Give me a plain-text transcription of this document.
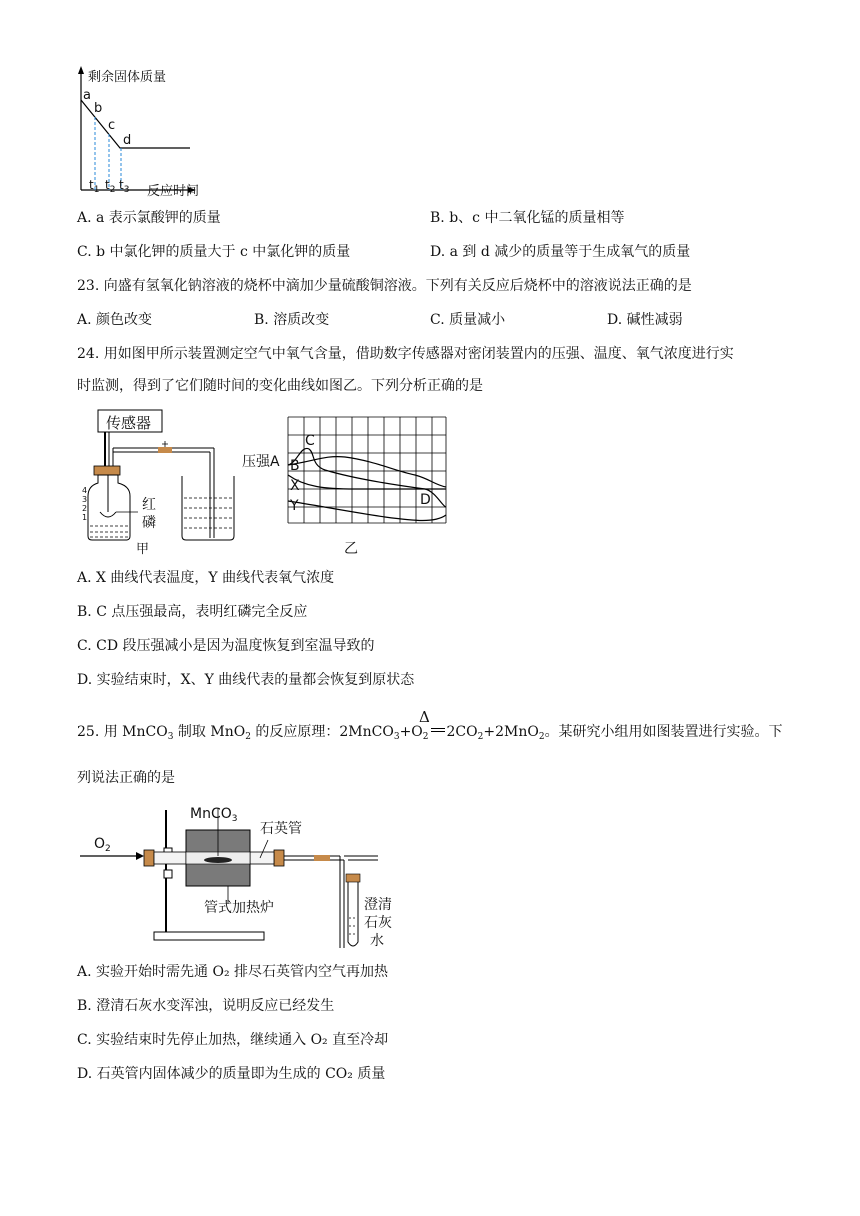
剩余固体质量
a
b
c
d
$t_1$ $t_2$ $t_3$ 反应时间
A. a 表示氯酸钾的质量	B. b、c 中二氧化锰的质量相等
C. b 中氯化钾的质量大于 c 中氯化钾的质量	D. a 到 d 减少的质量等于生成氧气的质量
23. 向盛有氢氧化钠溶液的烧杯中滴加少量硫酸铜溶液。下列有关反应后烧杯中的溶液说法正确的是
A. 颜色改变	B. 溶质改变	C. 质量减小	D. 碱性减弱
24. 用如图甲所示装置测定空气中氧气含量，借助数字传感器对密闭装置内的压强、温度、氧气浓度进行实
时监测，得到了它们随时间的变化曲线如图乙。下列分析正确的是
传感器
4
3
2
1
红
磷
甲
压强A
C
B
X
Y	D
乙
A. X 曲线代表温度，Y 曲线代表氧气浓度
B. C 点压强最高，表明红磷完全反应
C. CD 段压强减小是因为温度恢复到室温导致的
D. 实验结束时，X、Y 曲线代表的量都会恢复到原状态
Δ
25. 用 MnCO$_3$ 制取 MnO$_2$ 的反应原理：$2MnCO_3+O_2$ $2CO_2+2MnO_2$。某研究小组用如图装置进行实验。下
列说法正确的是
$O_2$
MnCO$_3$
石英管
管式加热炉	澄清
石灰
水
A. 实验开始时需先通 O₂ 排尽石英管内空气再加热
B. 澄清石灰水变浑浊，说明反应已经发生
C. 实验结束时先停止加热，继续通入 O₂ 直至冷却
D. 石英管内固体减少的质量即为生成的 CO₂ 质量
